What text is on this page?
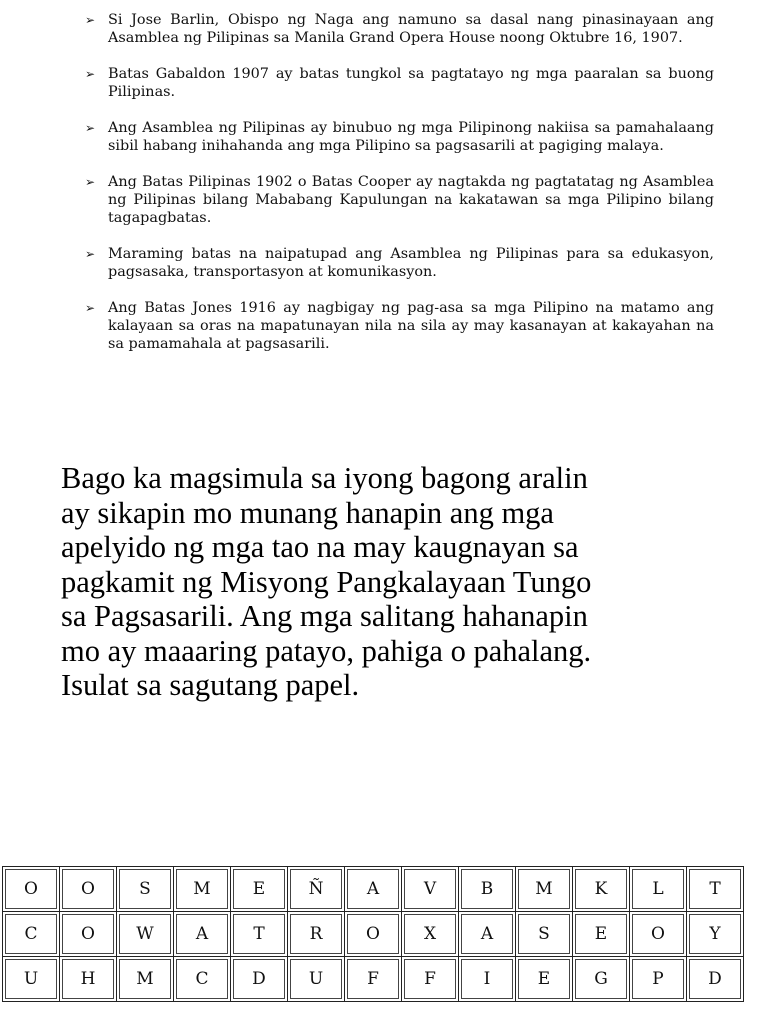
➢ Si Jose Barlin, Obispo ng Naga ang namuno sa dasal nang pinasinayaan ang Asamblea ng Pilipinas sa Manila Grand Opera House noong Oktubre 16, 1907.
➢ Batas Gabaldon 1907 ay batas tungkol sa pagtatayo ng mga paaralan sa buong Pilipinas.
➢ Ang Asamblea ng Pilipinas ay binubuo ng mga Pilipinong nakiisa sa pamahalaang sibil habang inihahanda ang mga Pilipino sa pagsasarili at pagiging malaya.
➢ Ang Batas Pilipinas 1902 o Batas Cooper ay nagtakda ng pagtatatag ng Asamblea ng Pilipinas bilang Mababang Kapulungan na kakatawan sa mga Pilipino bilang tagapagbatas.
➢ Maraming batas na naipatupad ang Asamblea ng Pilipinas para sa edukasyon, pagsasaka, transportasyon at komunikasyon.
➢ Ang Batas Jones 1916 ay nagbigay ng pag-asa sa mga Pilipino na matamo ang kalayaan sa oras na mapatunayan nila na sila ay may kasanayan at kakayahan na sa pamamahala at pagsasarili.

Bago ka magsimula sa iyong bagong aralin
ay sikapin mo munang hanapin ang mga
apelyido ng mga tao na may kaugnayan sa
pagkamit ng Misyong Pangkalayaan Tungo
sa Pagsasarili. Ang mga salitang hahanapin
mo ay maaaring patayo, pahiga o pahalang.
Isulat sa sagutang papel.

O	O	S	M	E	Ñ	A	V	B	M	K	L	T
C	O	W	A	T	R	O	X	A	S	E	O	Y
U	H	M	C	D	U	F	F	I	E	G	P	D
